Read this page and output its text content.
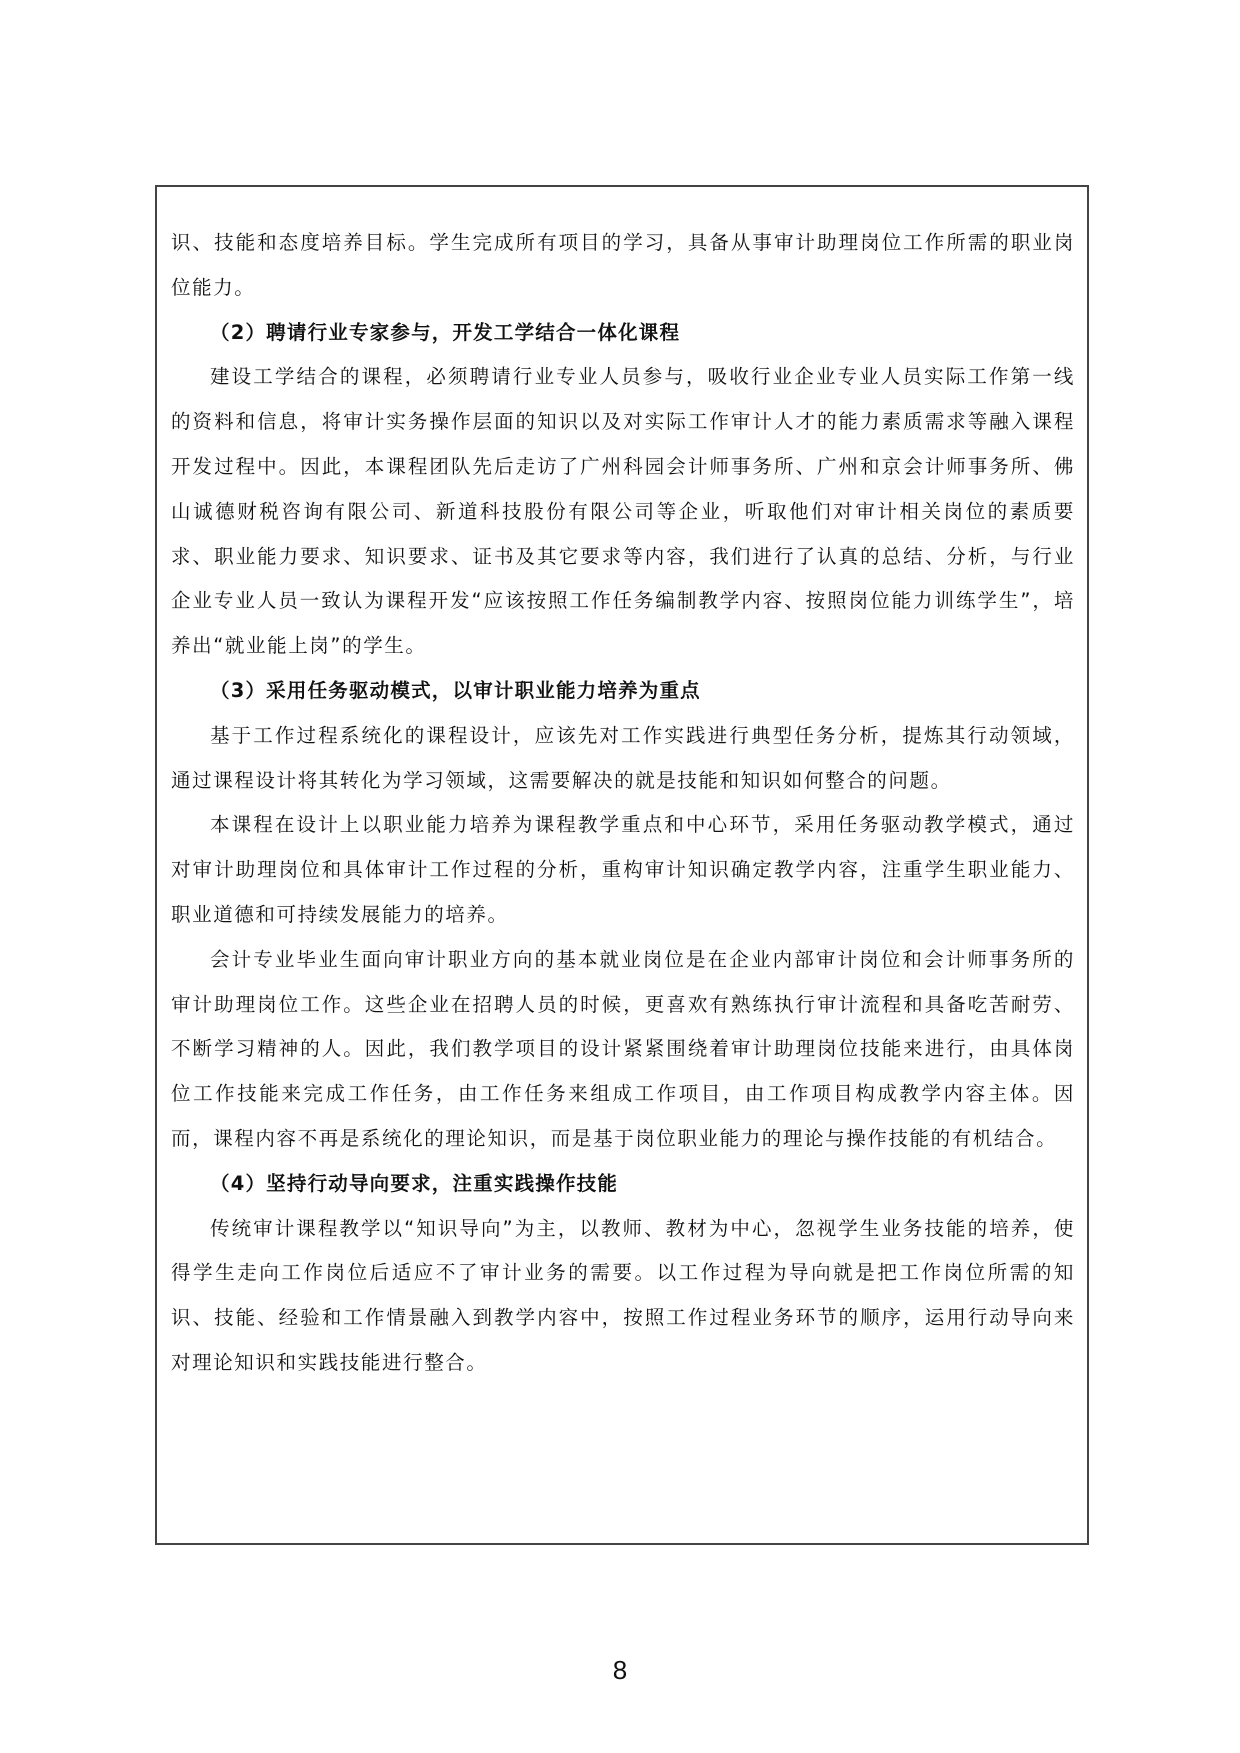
识、技能和态度培养目标。学生完成所有项目的学习，具备从事审计助理岗位工作所需的职业岗位能力。

（2）聘请行业专家参与，开发工学结合一体化课程

建设工学结合的课程，必须聘请行业专业人员参与，吸收行业企业专业人员实际工作第一线的资料和信息，将审计实务操作层面的知识以及对实际工作审计人才的能力素质需求等融入课程开发过程中。因此，本课程团队先后走访了广州科园会计师事务所、广州和京会计师事务所、佛山诚德财税咨询有限公司、新道科技股份有限公司等企业，听取他们对审计相关岗位的素质要求、职业能力要求、知识要求、证书及其它要求等内容，我们进行了认真的总结、分析，与行业企业专业人员一致认为课程开发“应该按照工作任务编制教学内容、按照岗位能力训练学生”，培养出“就业能上岗”的学生。

（3）采用任务驱动模式，以审计职业能力培养为重点

基于工作过程系统化的课程设计，应该先对工作实践进行典型任务分析，提炼其行动领域，通过课程设计将其转化为学习领域，这需要解决的就是技能和知识如何整合的问题。

本课程在设计上以职业能力培养为课程教学重点和中心环节，采用任务驱动教学模式，通过对审计助理岗位和具体审计工作过程的分析，重构审计知识确定教学内容，注重学生职业能力、职业道德和可持续发展能力的培养。

会计专业毕业生面向审计职业方向的基本就业岗位是在企业内部审计岗位和会计师事务所的审计助理岗位工作。这些企业在招聘人员的时候，更喜欢有熟练执行审计流程和具备吃苦耐劳、不断学习精神的人。因此，我们教学项目的设计紧紧围绕着审计助理岗位技能来进行，由具体岗位工作技能来完成工作任务，由工作任务来组成工作项目，由工作项目构成教学内容主体。因而，课程内容不再是系统化的理论知识，而是基于岗位职业能力的理论与操作技能的有机结合。

（4）坚持行动导向要求，注重实践操作技能

传统审计课程教学以“知识导向”为主，以教师、教材为中心，忽视学生业务技能的培养，使得学生走向工作岗位后适应不了审计业务的需要。以工作过程为导向就是把工作岗位所需的知识、技能、经验和工作情景融入到教学内容中，按照工作过程业务环节的顺序，运用行动导向来对理论知识和实践技能进行整合。

8
